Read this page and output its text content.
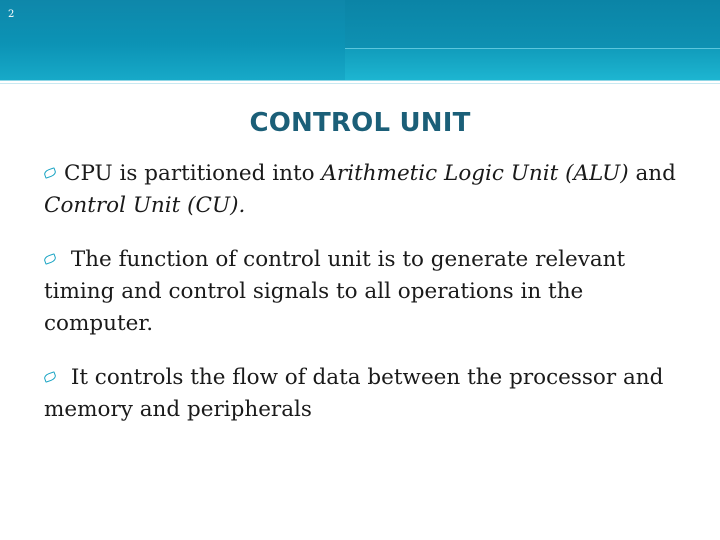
2
CONTROL UNIT

CPU is partitioned into Arithmetic Logic Unit (ALU) and Control Unit (CU).

The function of control unit is to generate relevant timing and control signals to all operations in the computer.

It controls the flow of data between the processor and memory and peripherals
